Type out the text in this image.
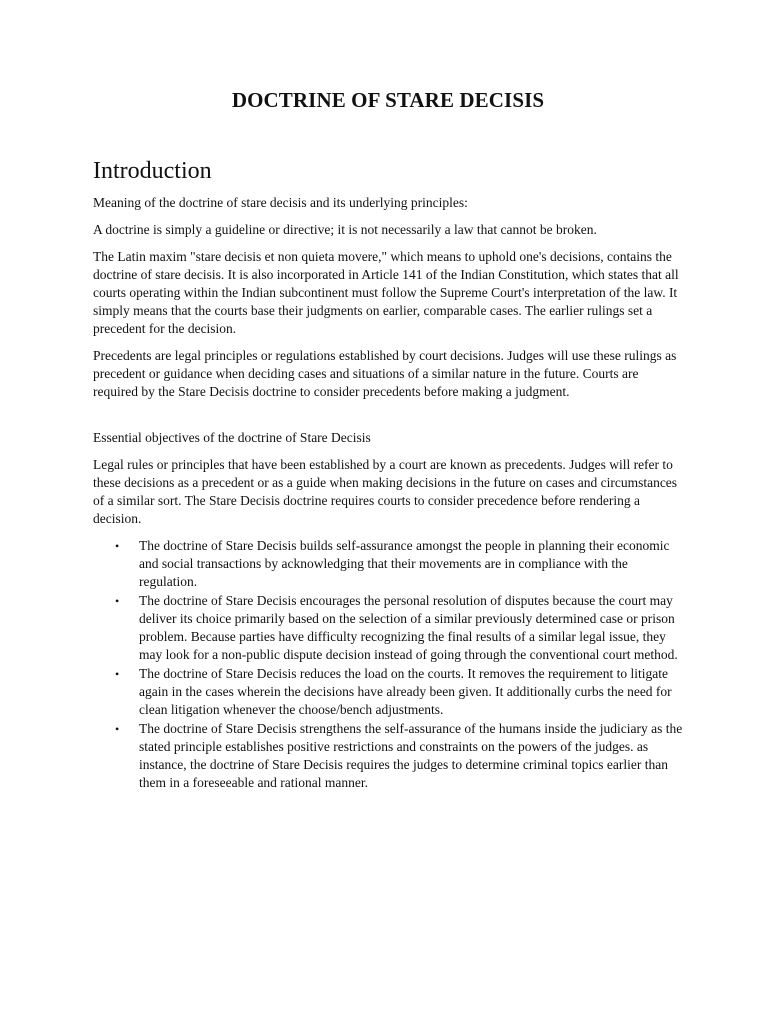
DOCTRINE OF STARE DECISIS
Introduction

Meaning of the doctrine of stare decisis and its underlying principles:

A doctrine is simply a guideline or directive; it is not necessarily a law that cannot be broken.

The Latin maxim "stare decisis et non quieta movere," which means to uphold one's decisions, contains the doctrine of stare decisis. It is also incorporated in Article 141 of the Indian Constitution, which states that all courts operating within the Indian subcontinent must follow the Supreme Court's interpretation of the law. It simply means that the courts base their judgments on earlier, comparable cases. The earlier rulings set a precedent for the decision.

Precedents are legal principles or regulations established by court decisions. Judges will use these rulings as precedent or guidance when deciding cases and situations of a similar nature in the future. Courts are required by the Stare Decisis doctrine to consider precedents before making a judgment.

Essential objectives of the doctrine of Stare Decisis

Legal rules or principles that have been established by a court are known as precedents. Judges will refer to these decisions as a precedent or as a guide when making decisions in the future on cases and circumstances of a similar sort. The Stare Decisis doctrine requires courts to consider precedence before rendering a decision.

• The doctrine of Stare Decisis builds self-assurance amongst the people in planning their economic and social transactions by acknowledging that their movements are in compliance with the regulation.
• The doctrine of Stare Decisis encourages the personal resolution of disputes because the court may deliver its choice primarily based on the selection of a similar previously determined case or prison problem. Because parties have difficulty recognizing the final results of a similar legal issue, they may look for a non-public dispute decision instead of going through the conventional court method.
• The doctrine of Stare Decisis reduces the load on the courts. It removes the requirement to litigate again in the cases wherein the decisions have already been given. It additionally curbs the need for clean litigation whenever the choose/bench adjustments.
• The doctrine of Stare Decisis strengthens the self-assurance of the humans inside the judiciary as the stated principle establishes positive restrictions and constraints on the powers of the judges. as instance, the doctrine of Stare Decisis requires the judges to determine criminal topics earlier than them in a foreseeable and rational manner.
